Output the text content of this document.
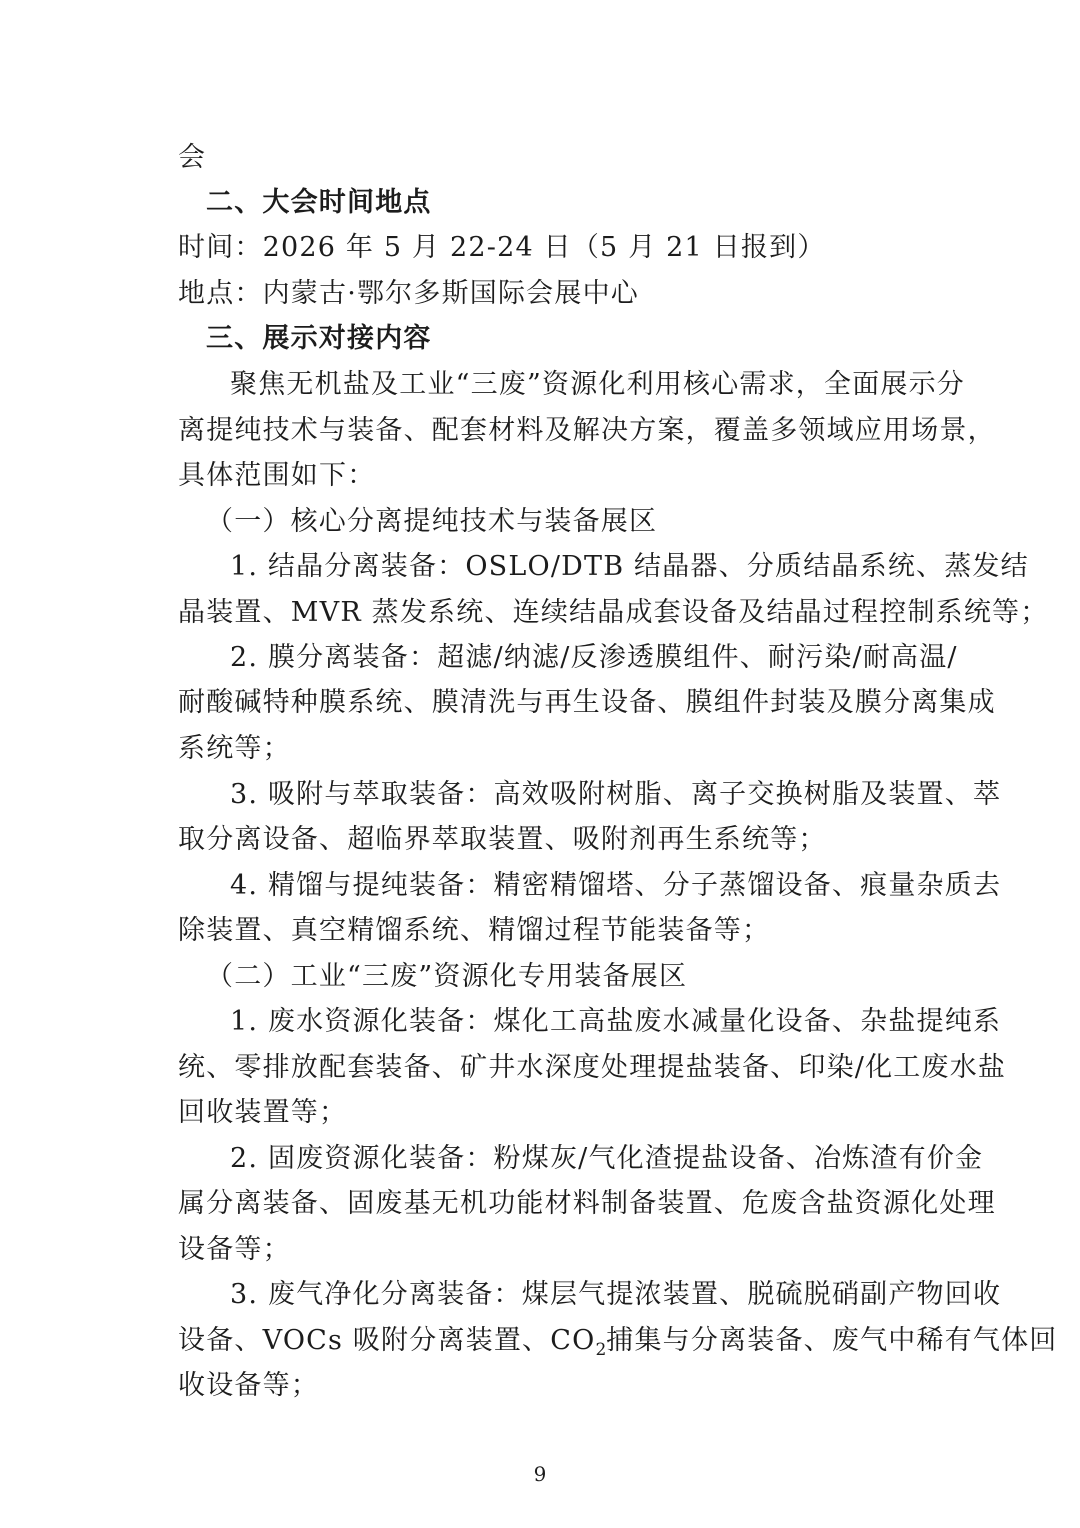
会
二、大会时间地点
时间：2026 年 5 月 22-24 日（5 月 21 日报到）
地点：内蒙古·鄂尔多斯国际会展中心
三、展示对接内容
聚焦无机盐及工业“三废”资源化利用核心需求，全面展示分
离提纯技术与装备、配套材料及解决方案，覆盖多领域应用场景，
具体范围如下：
（一）核心分离提纯技术与装备展区
1. 结晶分离装备：OSLO/DTB 结晶器、分质结晶系统、蒸发结
晶装置、MVR 蒸发系统、连续结晶成套设备及结晶过程控制系统等；
2. 膜分离装备：超滤/纳滤/反渗透膜组件、耐污染/耐高温/
耐酸碱特种膜系统、膜清洗与再生设备、膜组件封装及膜分离集成
系统等；
3. 吸附与萃取装备：高效吸附树脂、离子交换树脂及装置、萃
取分离设备、超临界萃取装置、吸附剂再生系统等；
4. 精馏与提纯装备：精密精馏塔、分子蒸馏设备、痕量杂质去
除装置、真空精馏系统、精馏过程节能装备等；
（二）工业“三废”资源化专用装备展区
1. 废水资源化装备：煤化工高盐废水减量化设备、杂盐提纯系
统、零排放配套装备、矿井水深度处理提盐装备、印染/化工废水盐
回收装置等；
2. 固废资源化装备：粉煤灰/气化渣提盐设备、冶炼渣有价金
属分离装备、固废基无机功能材料制备装置、危废含盐资源化处理
设备等；
3. 废气净化分离装备：煤层气提浓装置、脱硫脱硝副产物回收
设备、VOCs 吸附分离装置、$CO_2$捕集与分离装备、废气中稀有气体回
收设备等；
9
